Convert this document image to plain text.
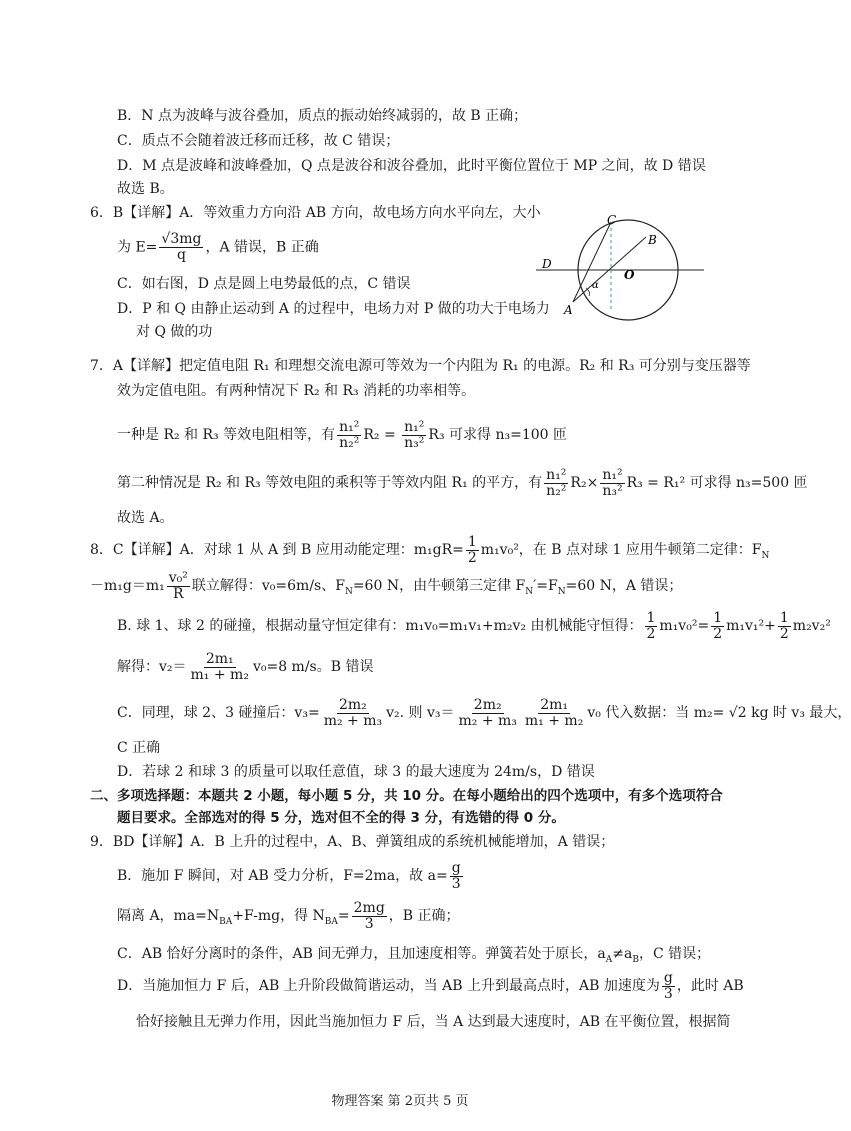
B．N 点为波峰与波谷叠加，质点的振动始终减弱的，故 B 正确；
C．质点不会随着波迁移而迁移，故 C 错误；
D．M 点是波峰和波峰叠加，Q 点是波谷和波谷叠加，此时平衡位置位于 MP 之间，故 D 错误
故选 B。
6．B【详解】A．等效重力方向沿 AB 方向，故电场方向水平向左，大小
为 $E= \frac{√3mg}{q}$ ，A 错误，B 正确
C．如右图，D 点是圆上电势最低的点，C 错误
D．P 和 Q 由静止运动到 A 的过程中，电场力对 P 做的功大于电场力
对 Q 做的功
C
B
D
O
A
α
7．A【详解】把定值电阻 R₁ 和理想交流电源可等效为一个内阻为 R₁ 的电源。R₂ 和 R₃ 可分别与变压器等
效为定值电阻。有两种情况下 R₂ 和 R₃ 消耗的功率相等。
一种是 R₂ 和 R₃ 等效电阻相等，有 $\frac{\text{n₁²}}{\text{n₂²}} R_2 = \frac{\text{n₁²}}{\text{n₃²}} R_3$ 可求得 n₃=100 匝
第二种情况是 R₂ 和 R₃ 等效电阻的乘积等于等效内阻 R₁ 的平方，有 $\frac{\text{n₁²}}{\text{n₂²}} R_2\times \frac{\text{n₁²}}{\text{n₃²}} R_3 = R_1^2$ 可求得 n₃=500 匝
故选 A。
8．C【详解】A．对球 1 从 A 到 B 应用动能定理：$m_1gR= \frac{1}{2} m_1v_0^2$，在 B 点对球 1 应用牛顿第二定律：$F_N$
$-m_1g=m_1 \frac{\text{v₀²}}{R}$ 联立解得：v₀=6m/s、$F_N=60$ N，由牛顿第三定律 $F_N'=F_N=60$ N，A 错误；
B. 球 1、球 2 的碰撞，根据动量守恒定律有：m₁v₀=m₁v₁+m₂v₂ 由机械能守恒得： $\frac{1}{2} m_1v_0^2= \frac{1}{2} m_1v_1^2+ \frac{1}{2} m_2v_2^2$
解得：$v_2= \frac{\text{2m₁}}{\text{m₁ + m₂}} v_0=8$ m/s。B 错误
C．同理，球 2、3 碰撞后：$v_3= \frac{\text{2m₂}}{\text{m₂ + m₃}} v_2$. 则 $v_3= \frac{\text{2m₂}}{\text{m₂ + m₃}} \frac{\text{2m₁}}{\text{m₁ + m₂}} v_0$ 代入数据：当 m₂= √2 kg 时 v₃ 最大，
C 正确
D．若球 2 和球 3 的质量可以取任意值，球 3 的最大速度为 24m/s，D 错误
二、多项选择题：本题共 2 小题，每小题 5 分，共 10 分。在每小题给出的四个选项中，有多个选项符合
题目要求。全部选对的得 5 分，选对但不全的得 3 分，有选错的得 0 分。
9．BD【详解】A．B 上升的过程中，A、B、弹簧组成的系统机械能增加，A 错误；
B．施加 F 瞬间，对 AB 受力分析，F=2ma，故 $a= \frac{g}{3}$
隔离 A，$ma=N_{BA}+F-mg$，得 $N_{BA}= \frac{2mg}{3}$ ，B 正确；
C．AB 恰好分离时的条件，AB 间无弹力，且加速度相等。弹簧若处于原长，$a_A\ne a_B$，C 错误；
D．当施加恒力 F 后，AB 上升阶段做简谐运动，当 AB 上升到最高点时，AB 加速度为 $\frac{g}{3}$ ，此时 AB
恰好接触且无弹力作用，因此当施加恒力 F 后，当 A 达到最大速度时，AB 在平衡位置，根据简
物理答案 第 2页共 5 页
